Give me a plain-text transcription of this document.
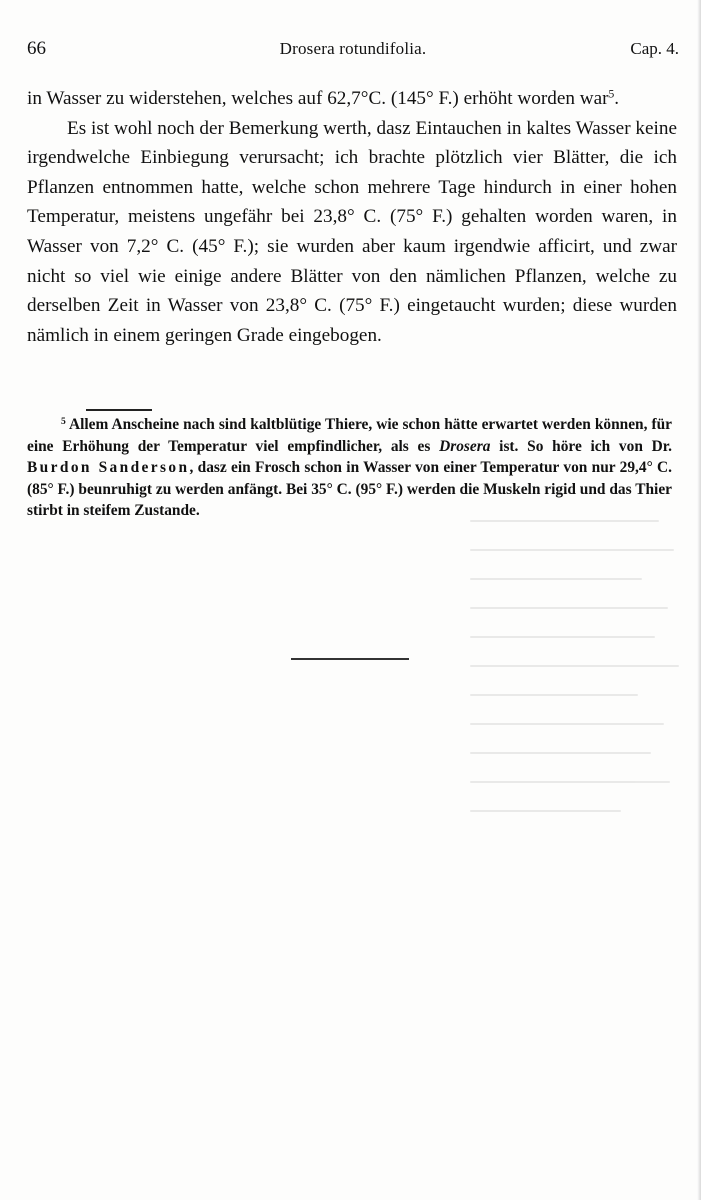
66	Drosera rotundifolia.	Cap. 4.

in Wasser zu widerstehen, welches auf 62,7°C. (145° F.) erhöht worden war$^5$.

Es ist wohl noch der Bemerkung werth, dasz Eintauchen in kaltes Wasser keine irgendwelche Einbiegung verursacht; ich brachte plötzlich vier Blätter, die ich Pflanzen entnommen hatte, welche schon mehrere Tage hindurch in einer hohen Temperatur, meistens ungefähr bei 23,8° C. (75° F.) gehalten worden waren, in Wasser von 7,2° C. (45° F.); sie wurden aber kaum irgendwie afficirt, und zwar nicht so viel wie einige andere Blätter von den nämlichen Pflanzen, welche zu derselben Zeit in Wasser von 23,8° C. (75° F.) eingetaucht wurden; diese wurden nämlich in einem geringen Grade eingebogen.

$^5$ Allem Anscheine nach sind kaltblütige Thiere, wie schon hätte erwartet werden können, für eine Erhöhung der Temperatur viel empfindlicher, als es Drosera ist. So höre ich von Dr. Burdon Sanderson, dasz ein Frosch schon in Wasser von einer Temperatur von nur 29,4° C. (85° F.) beunruhigt zu werden anfängt. Bei 35° C. (95° F.) werden die Muskeln rigid und das Thier stirbt in steifem Zustande.
